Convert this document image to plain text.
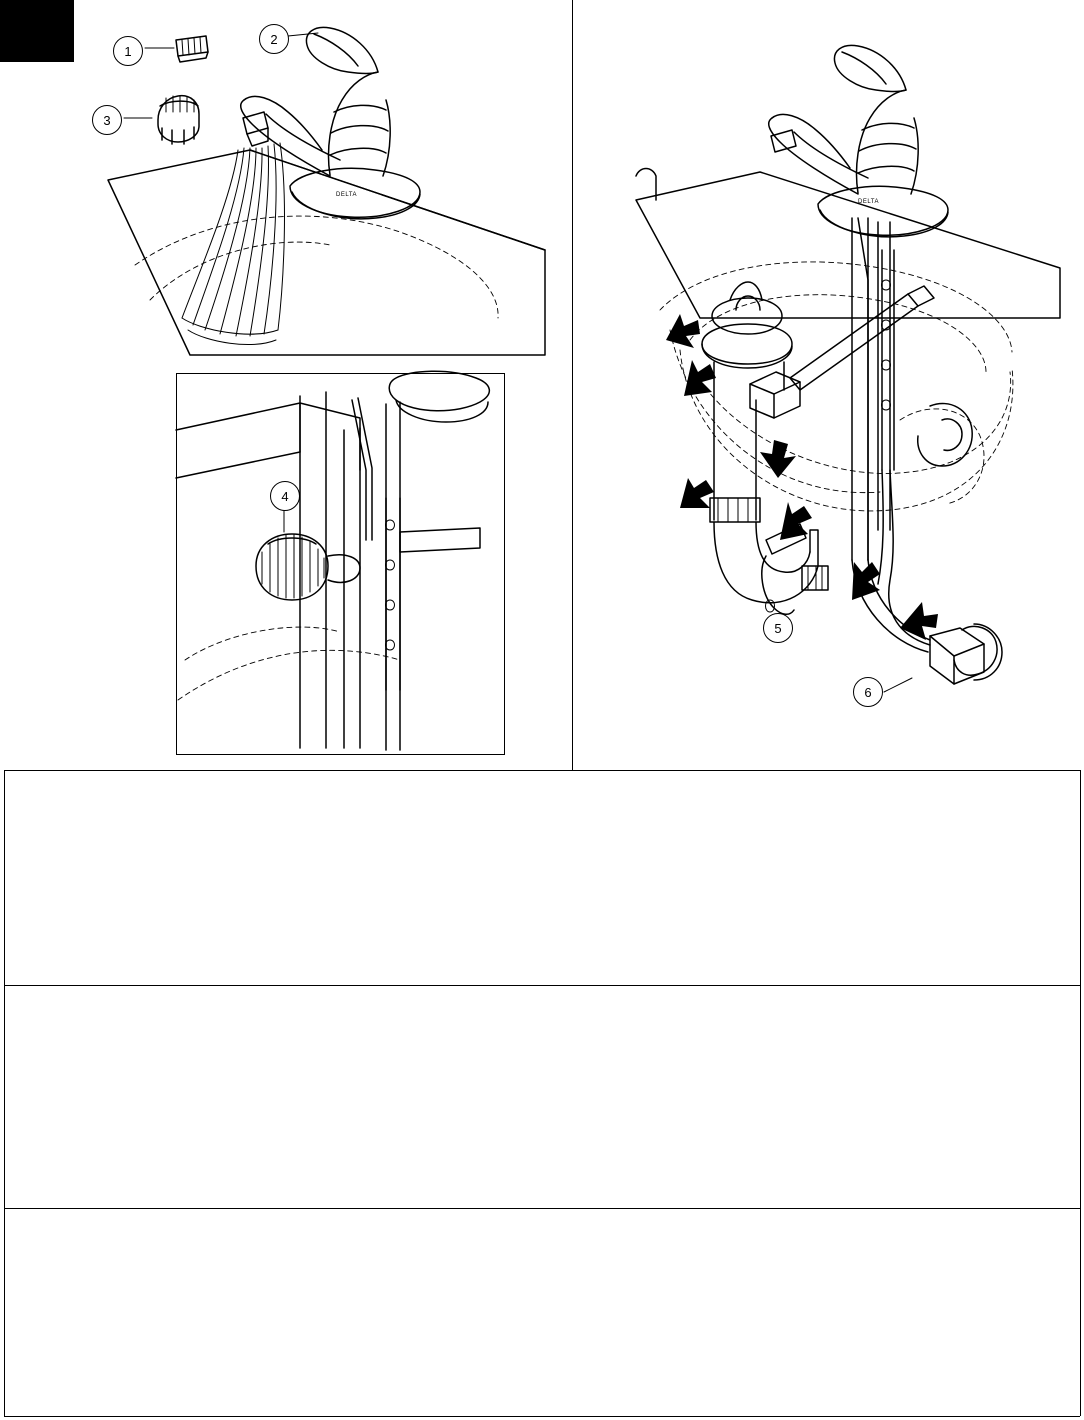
1
2
3
4
5
6
DELTA
DELTA
